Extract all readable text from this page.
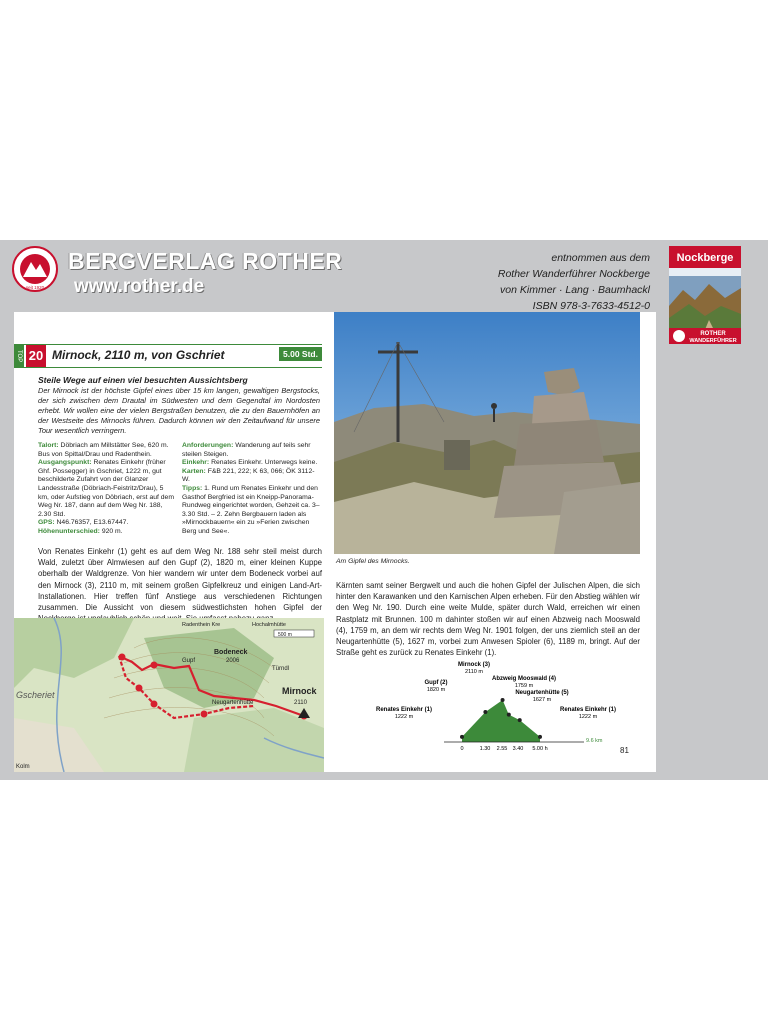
seit 1920
BERGVERLAG ROTHER
www.rother.de
entnommen aus dem
Rother Wanderführer Nockberge
von Kimmer · Lang · Baumhackl
ISBN 978-3-7633-4512-0
Nockberge
ROTHER
WANDERFÜHRER
TOP 20 Mirnock, 2110 m, von Gschriet	5.00 Std.
Steile Wege auf einen viel besuchten Aussichtsberg
Der Mirnock ist der höchste Gipfel eines über 15 km langen, gewaltigen Bergstocks, der sich zwischen dem Drautal im Südwesten und dem Gegendtal im Nordosten erhebt. Wir wollen eine der vielen Bergstraßen benutzen, die zu den Bauernhöfen an der Westseite des Mirnocks führen. Dadurch können wir den Zeitaufwand für unsere Tour wesentlich verringern.
Talort: Döbriach am Millstätter See, 620 m. Bus von Spittal/Drau und Radenthein.
Ausgangspunkt: Renates Einkehr (früher Ghf. Possegger) in Gschriet, 1222 m, gut beschilderte Zufahrt von der Glanzer Landesstraße (Döbriach-Feistritz/Drau), 5 km, oder Aufstieg von Döbriach, erst auf dem Weg Nr. 187, dann auf dem Weg Nr. 188, 2.30 Std.
GPS: N46.76357, E13.67447.
Höhenunterschied: 920 m.
Anforderungen: Wanderung auf teils sehr steilen Steigen.
Einkehr: Renates Einkehr. Unterwegs keine.
Karten: F&B 221, 222; K 63, 066; ÖK 3112-W.
Tipps: 1. Rund um Renates Einkehr und den Gasthof Bergfried ist ein Kneipp-Panorama-Rundweg eingerichtet worden, Gehzeit ca. 3–3.30 Std. – 2. Zehn Bergbauern laden als »Mirnockbauern« ein zu »Ferien zwischen Berg und See«.
Von Renates Einkehr (1) geht es auf dem Weg Nr. 188 sehr steil meist durch Wald, zuletzt über Almwiesen auf den Gupf (2), 1820 m, einer kleinen Kuppe oberhalb der Waldgrenze. Von hier wandern wir unter dem Bodeneck vorbei auf den Mirnock (3), 2110 m, mit seinem großen Gipfelkreuz und einigen Land-Art-Installationen. Hier treffen fünf Anstiege aus verschiedenen Richtungen zusammen. Die Aussicht von diesem südwestlichsten hohen Gipfel der
Bodeneck
2006
Mirnock
2110
Gupf
Neugartenhütte
Türndl
Kolm
Gscheriet
Radenthein Kre	Hochalmhütte
500 m
Am Gipfel des Mirnocks.
Kärnten samt seiner Bergwelt und auch die hohen Gipfel der Julischen Alpen, die sich hinter den Karawanken und den Karnischen Alpen erheben. Für den Abstieg wählen wir den Weg Nr. 190. Durch eine weite Mulde, später durch Wald, erreichen wir einen Rastplatz mit Brunnen. 100 m dahinter stoßen wir auf einen Abzweig nach Mooswald (4), 1759 m, an dem wir rechts dem Weg Nr. 1901 folgen, der uns ziemlich steil an der Neugartenhütte (5), 1627 m, vorbei zum Anwesen Spioler (6), 1189 m, bringt. Auf der Straße geht es zurück zu Renates Einkehr (1).
Mirnock (3)
2110 m
Abzweig Mooswald (4)
1759 m
Gupf (2)
1820 m	Neugartenhütte (5)
1627 m
Renates Einkehr (1)
1222 m
Renates Einkehr (1)
1222 m
9.6 km
0	1.30 2.55 3.40 5.00 h	81
